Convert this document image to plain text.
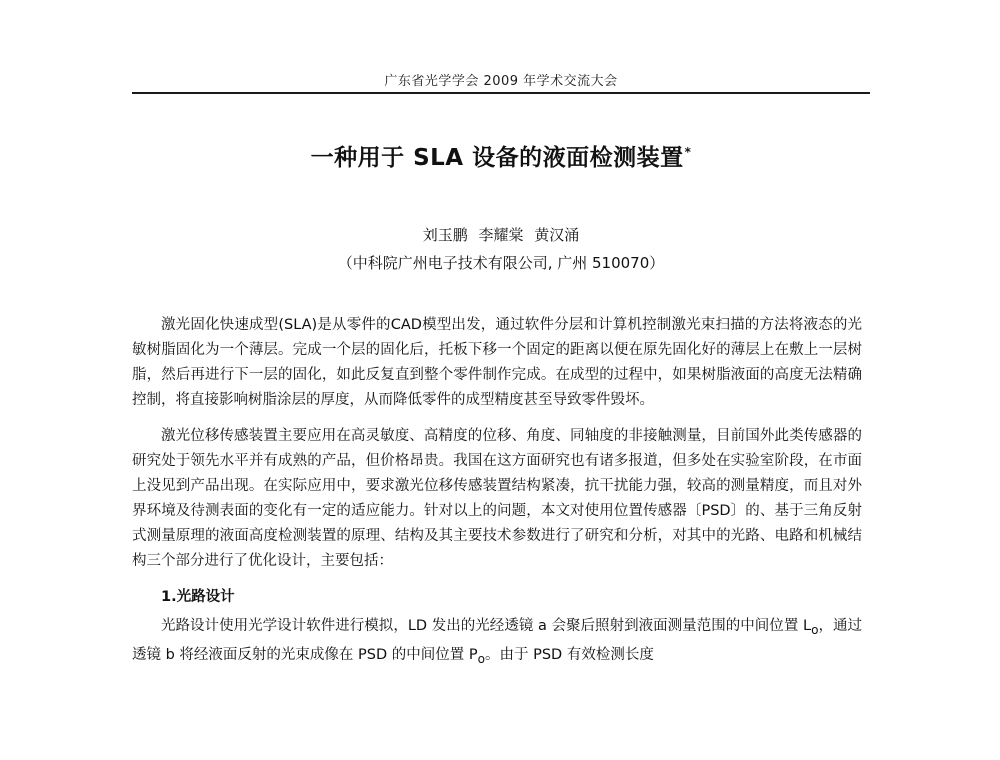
广东省光学学会 2009 年学术交流大会
一种用于 SLA 设备的液面检测装置*
刘玉鹏 李耀棠 黄汉涌
（中科院广州电子技术有限公司, 广州 510070）

激光固化快速成型(SLA)是从零件的CAD模型出发，通过软件分层和计算机控制激光束扫描的方法将液态的光敏树脂固化为一个薄层。完成一个层的固化后，托板下移一个固定的距离以便在原先固化好的薄层上在敷上一层树脂，然后再进行下一层的固化，如此反复直到整个零件制作完成。在成型的过程中，如果树脂液面的高度无法精确控制，将直接影响树脂涂层的厚度，从而降低零件的成型精度甚至导致零件毁坏。

激光位移传感装置主要应用在高灵敏度、高精度的位移、角度、同轴度的非接触测量，目前国外此类传感器的研究处于领先水平并有成熟的产品，但价格昂贵。我国在这方面研究也有诸多报道，但多处在实验室阶段，在市面上没见到产品出现。在实际应用中，要求激光位移传感装置结构紧凑，抗干扰能力强，较高的测量精度，而且对外界环境及待测表面的变化有一定的适应能力。针对以上的问题，本文对使用位置传感器〔PSD〕的、基于三角反射式测量原理的液面高度检测装置的原理、结构及其主要技术参数进行了研究和分析，对其中的光路、电路和机械结构三个部分进行了优化设计，主要包括：

1.光路设计

光路设计使用光学设计软件进行模拟，LD 发出的光经透镜 a 会聚后照射到液面测量范围的中间位置 $L_o$，通过透镜 b 将经液面反射的光束成像在 PSD 的中间位置 $P_o$。由于 PSD 有效检测长度
